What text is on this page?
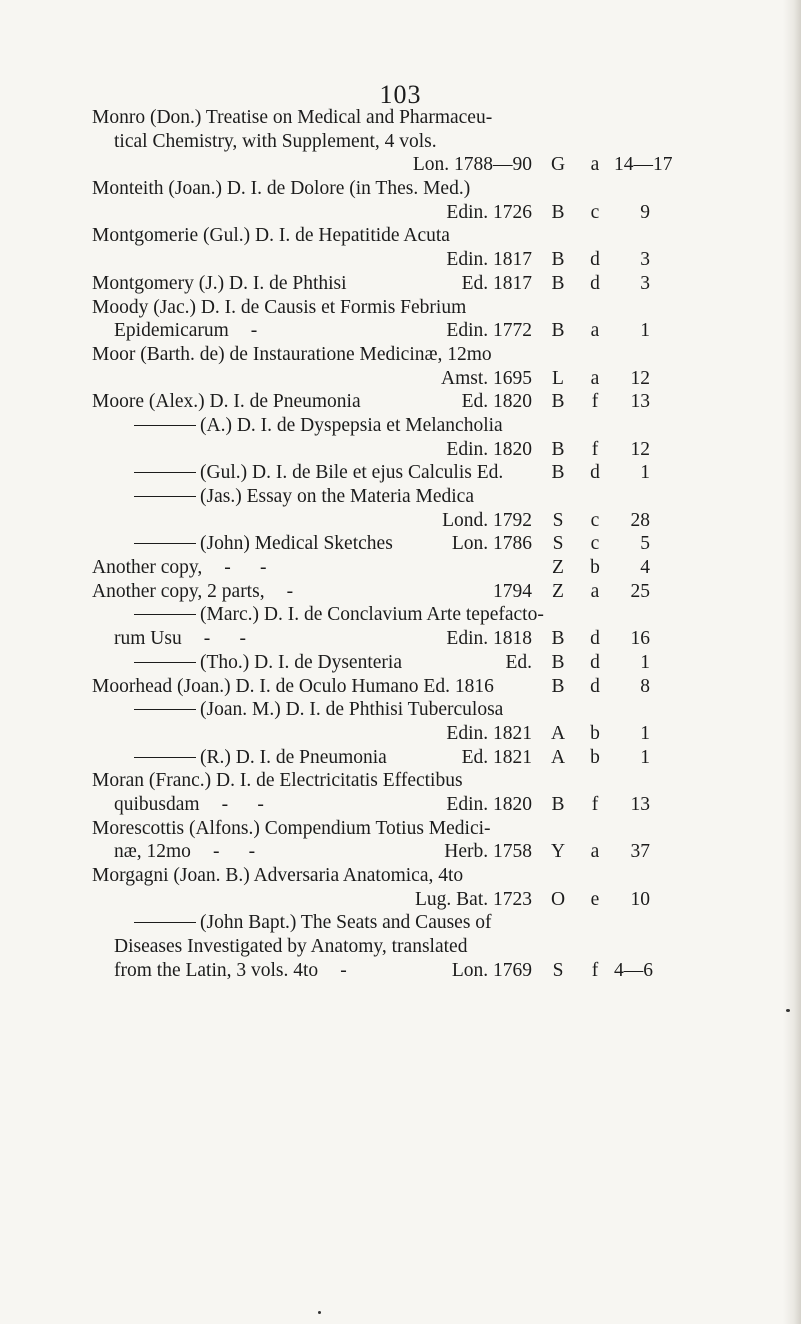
103
Monro (Don.) Treatise on Medical and Pharmaceu-
tical Chemistry, with Supplement, 4 vols.
Lon. 1788—90 G	a 14—17
Monteith (Joan.) D. I. de Dolore (in Thes. Med.)
Edin. 1726 B	c	9
Montgomerie (Gul.) D. I. de Hepatitide Acuta
Edin. 1817 B	d	3
Montgomery (J.) D. I. de Phthisi	Ed. 1817 B	d	3
Moody (Jac.) D. I. de Causis et Formis Febrium
Epidemicarum -	Edin. 1772 B	a	1
Moor (Barth. de) de Instauratione Medicinæ, 12mo
Amst. 1695	L	a	12
Moore (Alex.) D. I. de Pneumonia	Ed. 1820 B	f	13
(A.) D. I. de Dyspepsia et Melancholia
Edin. 1820 B	f	12
(Gul.) D. I. de Bile et ejus Calculis Ed. B	d	1
(Jas.) Essay on the Materia Medica
Lond. 1792	S	c	28
(John) Medical Sketches	Lon. 1786	S	c	5
Another copy, -      -	Z	b	4
Another copy, 2 parts, -	1794	Z	a	25
(Marc.) D. I. de Conclavium Arte tepefacto-
rum Usu -      -	Edin. 1818 B	d	16
(Tho.) D. I. de Dysenteria	Ed. B	d	1
Moorhead (Joan.) D. I. de Oculo Humano Ed. 1816	B	d	8
(Joan. M.) D. I. de Phthisi Tuberculosa
Edin. 1821 A	b	1
(R.) D. I. de Pneumonia	Ed. 1821 A	b	1
Moran (Franc.) D. I. de Electricitatis Effectibus
quibusdam -      -	Edin. 1820 B	f	13
Morescottis (Alfons.) Compendium Totius Medici-
næ, 12mo -      -	Herb. 1758 Y	a	37
Morgagni (Joan. B.) Adversaria Anatomica, 4to
Lug. Bat. 1723 O	e	10
(John Bapt.) The Seats and Causes of
Diseases Investigated by Anatomy, translated
from the Latin, 3 vols. 4to -	Lon. 1769	S	f 4—6
